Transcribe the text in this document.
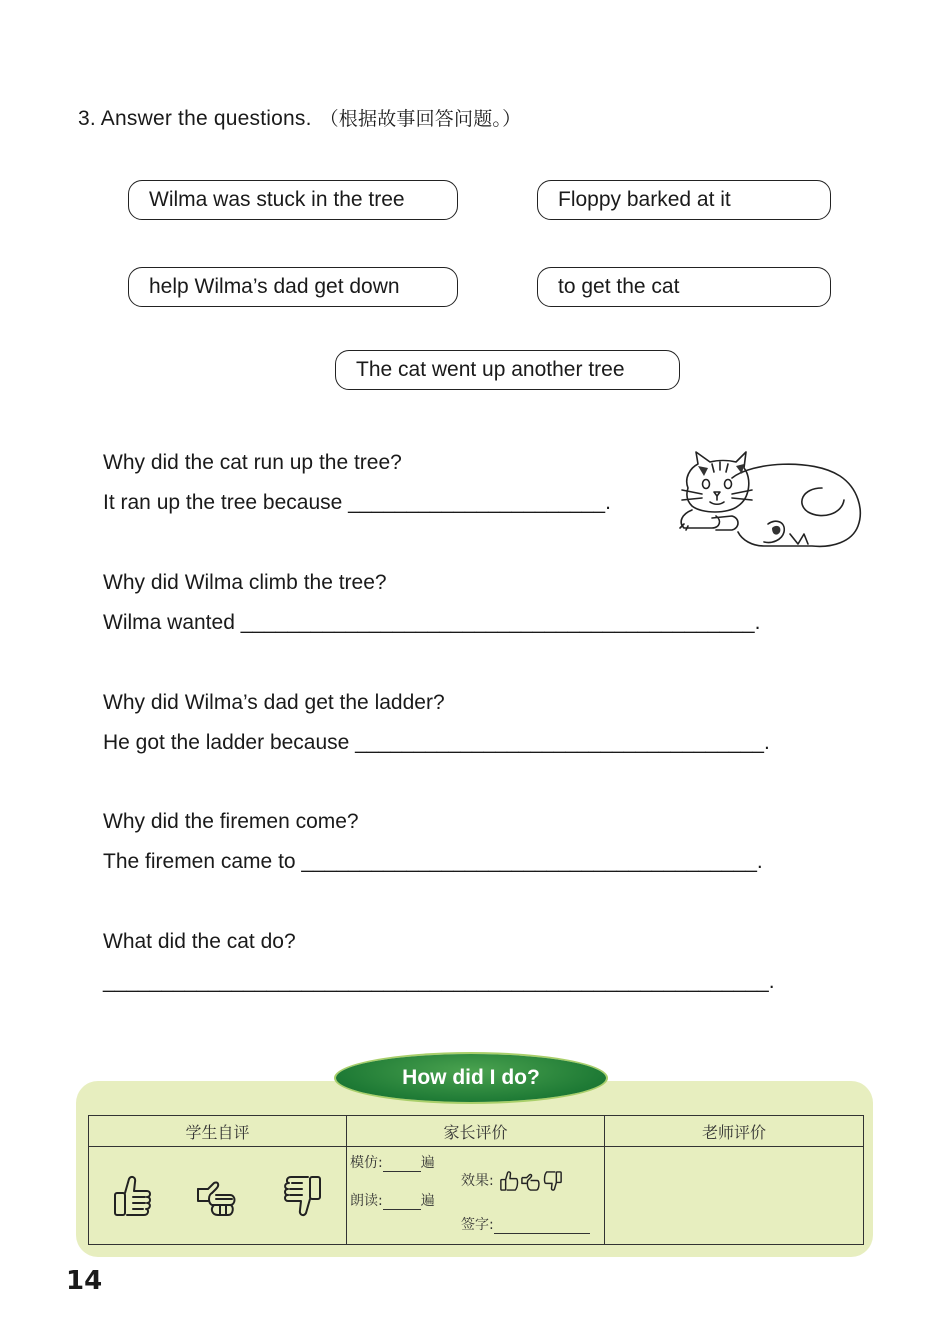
3. Answer the questions. （根据故事回答问题。）
Wilma was stuck in the tree	Floppy barked at it
help Wilma’s dad get down	to get the cat
The cat went up another tree
Why did the cat run up the tree?
It ran up the tree because ______________________.
Why did Wilma climb the tree?
Wilma wanted ____________________________________________.
Why did Wilma’s dad get the ladder?
He got the ladder because ___________________________________.
Why did the firemen come?
The firemen came to _______________________________________.
What did the cat do?
_________________________________________________________.
学生自评	家长评价	老师评价

模仿: 遍
朗读: 遍
效果:
签字:	

How did I do?
14
